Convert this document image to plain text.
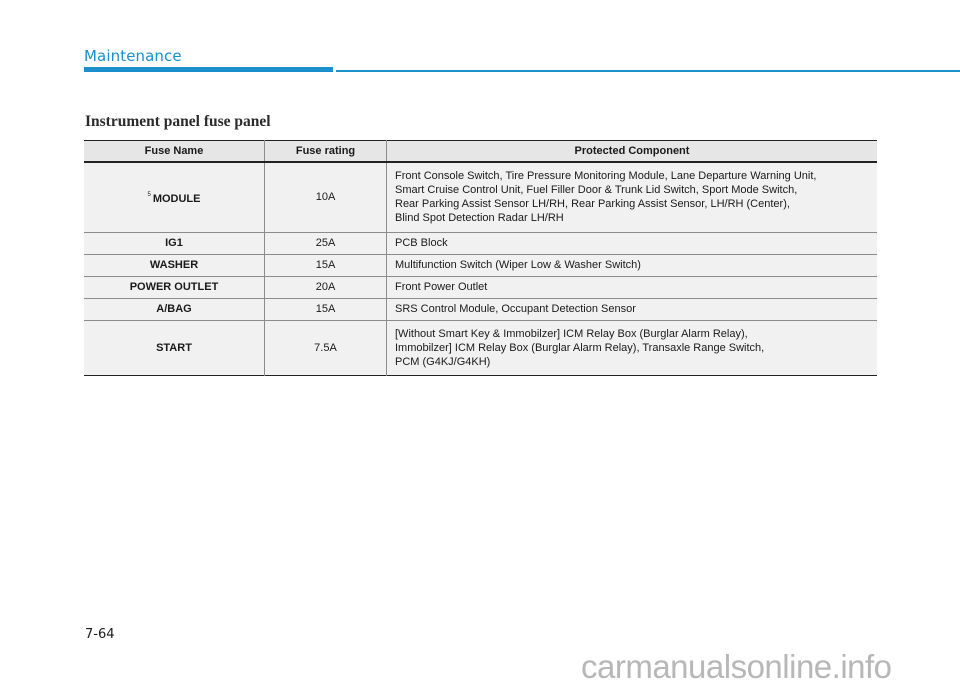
Maintenance
Instrument panel fuse panel
Fuse Name	Fuse rating	Protected Component
$^5$ MODULE	10A	Front Console Switch, Tire Pressure Monitoring Module, Lane Departure Warning Unit,
Smart Cruise Control Unit, Fuel Filler Door & Trunk Lid Switch, Sport Mode Switch,
Rear Parking Assist Sensor LH/RH, Rear Parking Assist Sensor, LH/RH (Center),
Blind Spot Detection Radar LH/RH

IG1	25A	PCB Block

WASHER	15A	Multifunction Switch (Wiper Low & Washer Switch)

POWER OUTLET	20A	Front Power Outlet

A/BAG	15A	SRS Control Module, Occupant Detection Sensor

START	7.5A	[Without Smart Key & Immobilzer] ICM Relay Box (Burglar Alarm Relay),
Immobilzer] ICM Relay Box (Burglar Alarm Relay), Transaxle Range Switch,
PCM (G4KJ/G4KH)
7-64
carmanualsonline.info
